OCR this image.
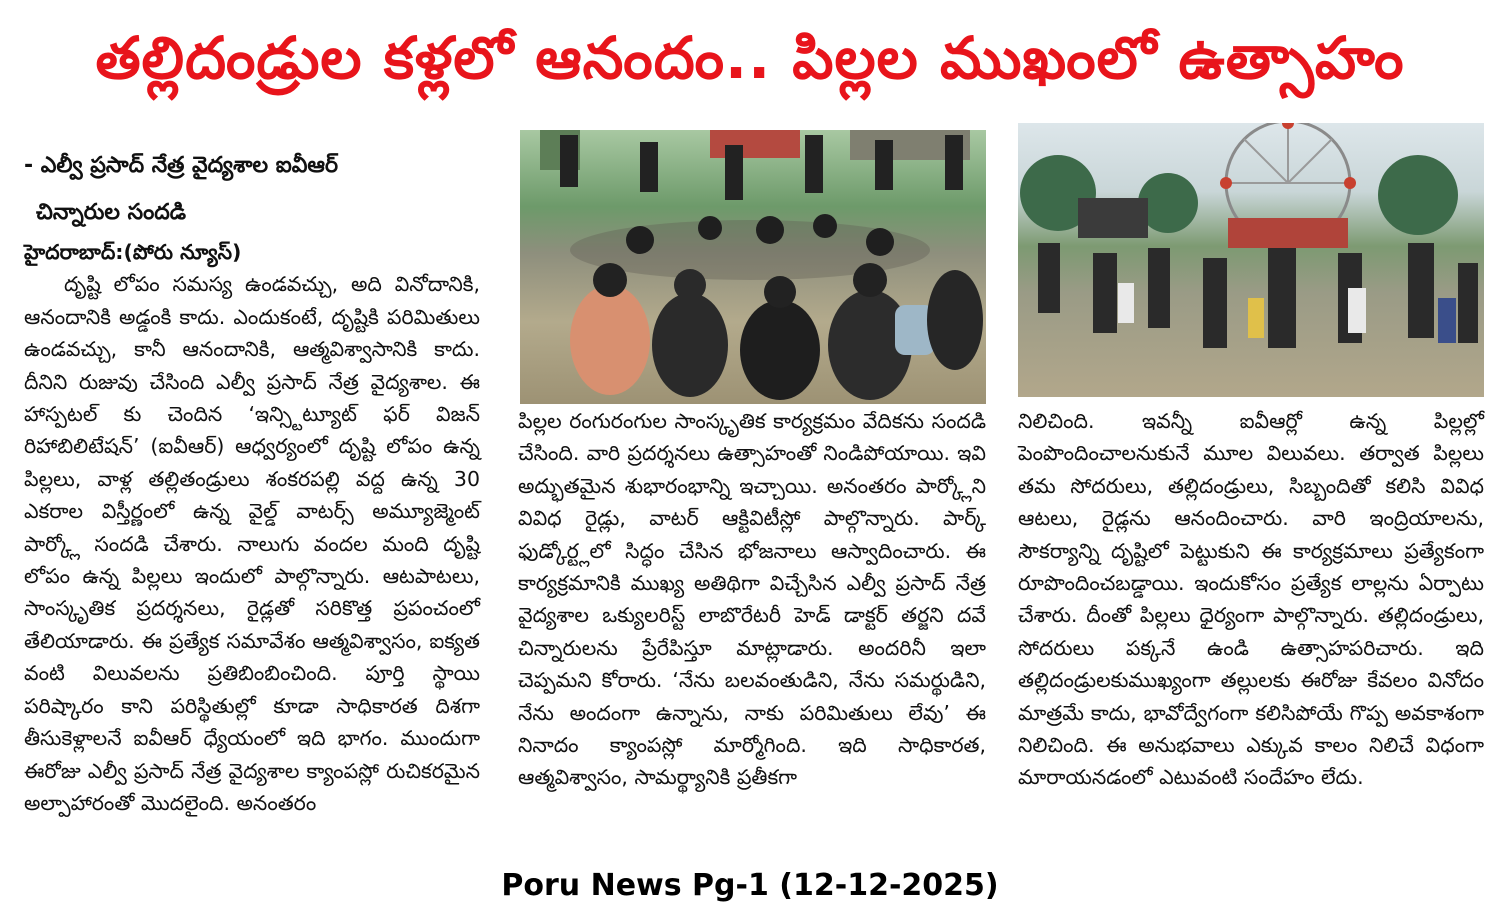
తల్లిదండ్రుల కళ్లలో ఆనందం.. పిల్లల ముఖంలో ఉత్సాహం

- ఎల్వీ ప్రసాద్ నేత్ర వైద్యశాల ఐవీఆర్

చిన్నారుల సందడి

హైదరాబాద్:(పోరు న్యూస్)

దృష్టి లోపం సమస్య ఉండవచ్చు, అది వినోదానికి, ఆనందానికి అడ్డంకి కాదు. ఎందుకంటే, దృష్టికి పరిమితులు ఉండవచ్చు, కానీ ఆనందానికి, ఆత్మవిశ్వాసానికి కాదు. దీనిని రుజువు చేసింది ఎల్వీ ప్రసాద్ నేత్ర వైద్యశాల. ఈ హాస్పటల్ కు చెందిన ‘ఇన్స్టిట్యూట్ ఫర్ విజన్ రిహాబిలిటేషన్’ (ఐవీఆర్) ఆధ్వర్యంలో దృష్టి లోపం ఉన్న పిల్లలు, వాళ్ల తల్లితండ్రులు శంకరపల్లి వద్ద ఉన్న 30 ఎకరాల విస్తీర్ణంలో ఉన్న వైల్డ్ వాటర్స్ అమ్యూజ్మెంట్ పార్క్లో సందడి చేశారు. నాలుగు వందల మంది దృష్టి లోపం ఉన్న పిల్లలు ఇందులో పాల్గొన్నారు. ఆటపాటలు, సాంస్కృతిక ప్రదర్శనలు, రైడ్లతో సరికొత్త ప్రపంచంలో తేలియాడారు. ఈ ప్రత్యేక సమావేశం ఆత్మవిశ్వాసం, ఐక్యత వంటి విలువలను ప్రతిబింబించింది. పూర్తి స్థాయి పరిష్కారం కాని పరిస్థితుల్లో కూడా సాధికారత దిశగా తీసుకెళ్లాలనే ఐవీఆర్ ధ్యేయంలో ఇది భాగం. ముందుగా ఈరోజు ఎల్వీ ప్రసాద్ నేత్ర వైద్యశాల క్యాంపస్లో రుచికరమైన అల్పాహారంతో మొదలైంది. అనంతరం

పిల్లల రంగురంగుల సాంస్కృతిక కార్యక్రమం వేదికను సందడి చేసింది. వారి ప్రదర్శనలు ఉత్సాహంతో నిండిపోయాయి. ఇవి అద్భుతమైన శుభారంభాన్ని ఇచ్చాయి. అనంతరం పార్క్లోని వివిధ రైడ్లు, వాటర్ ఆక్టివిటీస్లో పాల్గొన్నారు. పార్క్ ఫుడ్కోర్ట్లలో సిద్ధం చేసిన భోజనాలు ఆస్వాదించారు. ఈ కార్యక్రమానికి ముఖ్య అతిథిగా విచ్చేసిన ఎల్వీ ప్రసాద్ నేత్ర వైద్యశాల ఒక్యులరిస్ట్ లాబొరేటరీ హెడ్ డాక్టర్ తర్జని దవే చిన్నారులను ప్రేరేపిస్తూ మాట్లాడారు. అందరినీ ఇలా చెప్పమని కోరారు. ‘నేను బలవంతుడిని, నేను సమర్థుడిని, నేను అందంగా ఉన్నాను, నాకు పరిమితులు లేవు’ ఈ నినాదం క్యాంపస్లో మార్మోగింది. ఇది సాధికారత, ఆత్మవిశ్వాసం, సామర్థ్యానికి ప్రతీకగా

నిలిచింది. ఇవన్నీ ఐవీఆర్లో ఉన్న పిల్లల్లో పెంపొందించాలనుకునే మూల విలువలు. తర్వాత పిల్లలు తమ సోదరులు, తల్లిదండ్రులు, సిబ్బందితో కలిసి వివిధ ఆటలు, రైడ్లను ఆనందించారు. వారి ఇంద్రియాలను, సౌకర్యాన్ని దృష్టిలో పెట్టుకుని ఈ కార్యక్రమాలు ప్రత్యేకంగా రూపొందించబడ్డాయి. ఇందుకోసం ప్రత్యేక లాల్లను ఏర్పాటు చేశారు. దీంతో పిల్లలు ధైర్యంగా పాల్గొన్నారు. తల్లిదండ్రులు, సోదరులు పక్కనే ఉండి ఉత్సాహపరిచారు. ఇది తల్లిదండ్రులకుముఖ్యంగా తల్లులకు ఈరోజు కేవలం వినోదం మాత్రమే కాదు, భావోద్వేగంగా కలిసిపోయే గొప్ప అవకాశంగా నిలిచింది. ఈ అనుభవాలు ఎక్కువ కాలం నిలిచే విధంగా మారాయనడంలో ఎటువంటి సందేహం లేదు.

Poru News Pg-1 (12-12-2025)
